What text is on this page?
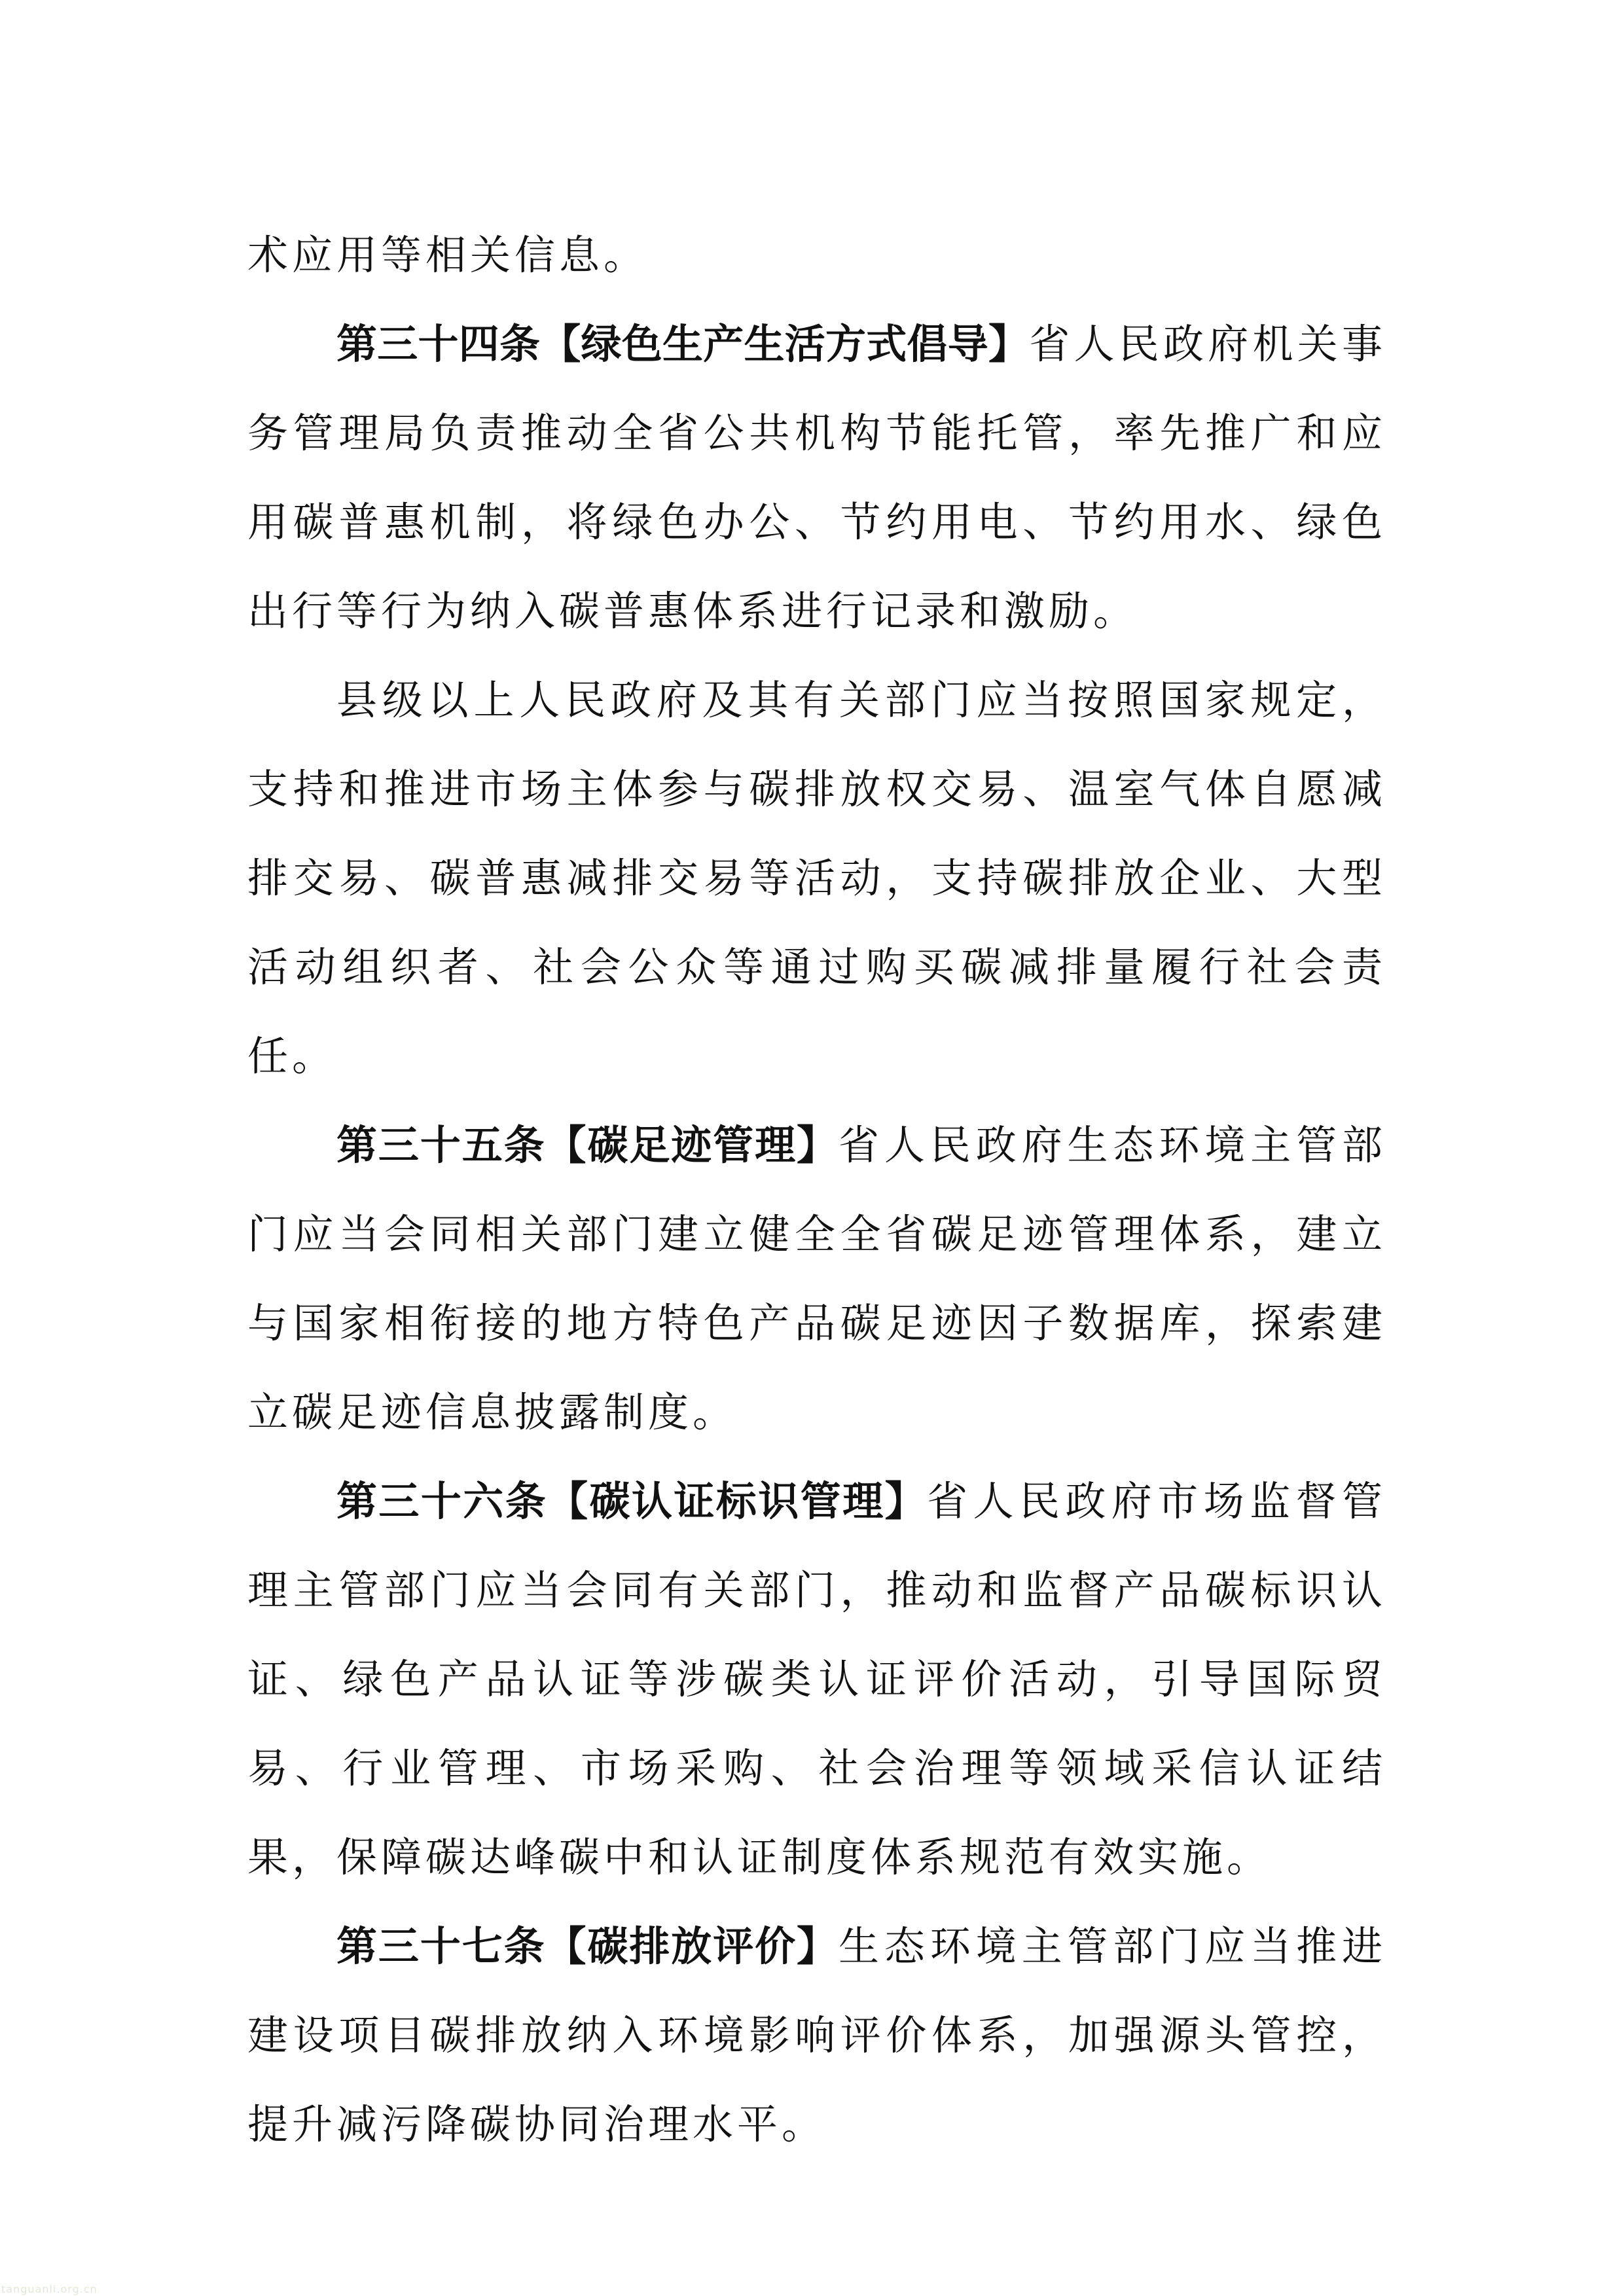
术应用等相关信息。

第三十四条【绿色生产生活方式倡导】省人民政府机关事务管理局负责推动全省公共机构节能托管，率先推广和应用碳普惠机制，将绿色办公、节约用电、节约用水、绿色出行等行为纳入碳普惠体系进行记录和激励。

县级以上人民政府及其有关部门应当按照国家规定，支持和推进市场主体参与碳排放权交易、温室气体自愿减排交易、碳普惠减排交易等活动，支持碳排放企业、大型活动组织者、社会公众等通过购买碳减排量履行社会责任。

第三十五条【碳足迹管理】省人民政府生态环境主管部门应当会同相关部门建立健全全省碳足迹管理体系，建立与国家相衔接的地方特色产品碳足迹因子数据库，探索建立碳足迹信息披露制度。

第三十六条【碳认证标识管理】省人民政府市场监督管理主管部门应当会同有关部门，推动和监督产品碳标识认证、绿色产品认证等涉碳类认证评价活动，引导国际贸易、行业管理、市场采购、社会治理等领域采信认证结果，保障碳达峰碳中和认证制度体系规范有效实施。

第三十七条【碳排放评价】生态环境主管部门应当推进建设项目碳排放纳入环境影响评价体系，加强源头管控，提升减污降碳协同治理水平。

tanguanli.org.cn
